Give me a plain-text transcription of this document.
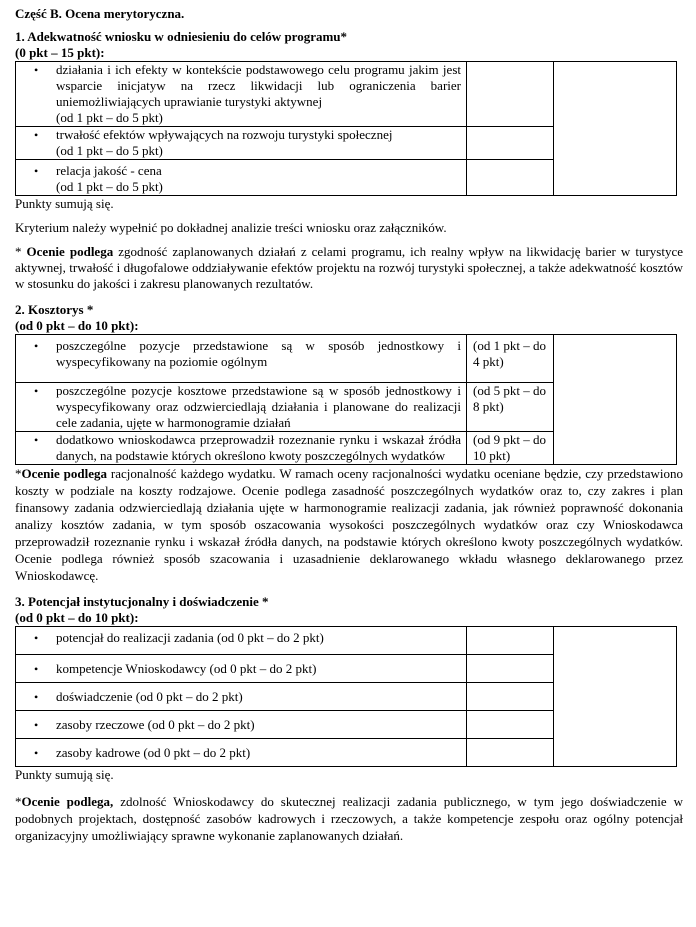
Część B. Ocena merytoryczna.

1. Adekwatność wniosku w odniesieniu do celów programu*

(0 pkt – 15 pkt):

• działania i ich efekty w kontekście podstawowego celu programu jakim jest wsparcie inicjatyw na rzecz likwidacji lub ograniczenia barier uniemożliwiających uprawianie turystyki aktywnej
(od 1 pkt – do 5 pkt)		

• trwałość efektów wpływających na rozwoju turystyki społecznej
(od 1 pkt – do 5 pkt)		

• relacja jakość - cena
(od 1 pkt – do 5 pkt)		

Punkty sumują się.

Kryterium należy wypełnić po dokładnej analizie treści wniosku oraz załączników.

* Ocenie podlega zgodność zaplanowanych działań z celami programu, ich realny wpływ na likwidację barier w turystyce aktywnej, trwałość i długofalowe oddziaływanie efektów projektu na rozwój turystyki społecznej, a także adekwatność kosztów w stosunku do jakości i zakresu planowanych rezultatów.

2. Kosztorys *

(od 0 pkt – do 10 pkt):

• poszczególne pozycje przedstawione są w sposób jednostkowy i wyspecyfikowany na poziomie ogólnym	(od 1 pkt – do 4 pkt)	

• poszczególne pozycje kosztowe przedstawione są w sposób jednostkowy i wyspecyfikowany oraz odzwierciedlają działania i planowane do realizacji cele zadania, ujęte w harmonogramie działań	(od 5 pkt – do 8 pkt)	

• dodatkowo wnioskodawca przeprowadził rozeznanie rynku i wskazał źródła danych, na podstawie których określono kwoty poszczególnych wydatków	(od 9 pkt – do 10 pkt)	

*Ocenie podlega racjonalność każdego wydatku. W ramach oceny racjonalności wydatku oceniane będzie, czy przedstawiono koszty w podziale na koszty rodzajowe. Ocenie podlega zasadność poszczególnych wydatków oraz to, czy zakres i plan finansowy zadania odzwierciedlają działania ujęte w harmonogramie realizacji zadania, jak również poprawność dokonania analizy kosztów zadania, w tym sposób oszacowania wysokości poszczególnych wydatków oraz czy Wnioskodawca przeprowadził rozeznanie rynku i wskazał źródła danych, na podstawie których określono kwoty poszczególnych wydatków. Ocenie podlega również sposób szacowania i uzasadnienie deklarowanego wkładu własnego deklarowanego przez Wnioskodawcę.

3. Potencjał instytucjonalny i doświadczenie *

(od 0 pkt – do 10 pkt):

• potencjał do realizacji zadania (od 0 pkt – do 2 pkt)		

• kompetencje Wnioskodawcy (od 0 pkt – do 2 pkt)		

• doświadczenie (od 0 pkt – do 2 pkt)		

• zasoby rzeczowe (od 0 pkt – do 2 pkt)		

• zasoby kadrowe (od 0 pkt – do 2 pkt)		

Punkty sumują się.

*Ocenie podlega, zdolność Wnioskodawcy do skutecznej realizacji zadania publicznego, w tym jego doświadczenie w podobnych projektach, dostępność zasobów kadrowych i rzeczowych, a także kompetencje zespołu oraz ogólny potencjał organizacyjny umożliwiający sprawne wykonanie zaplanowanych działań.
